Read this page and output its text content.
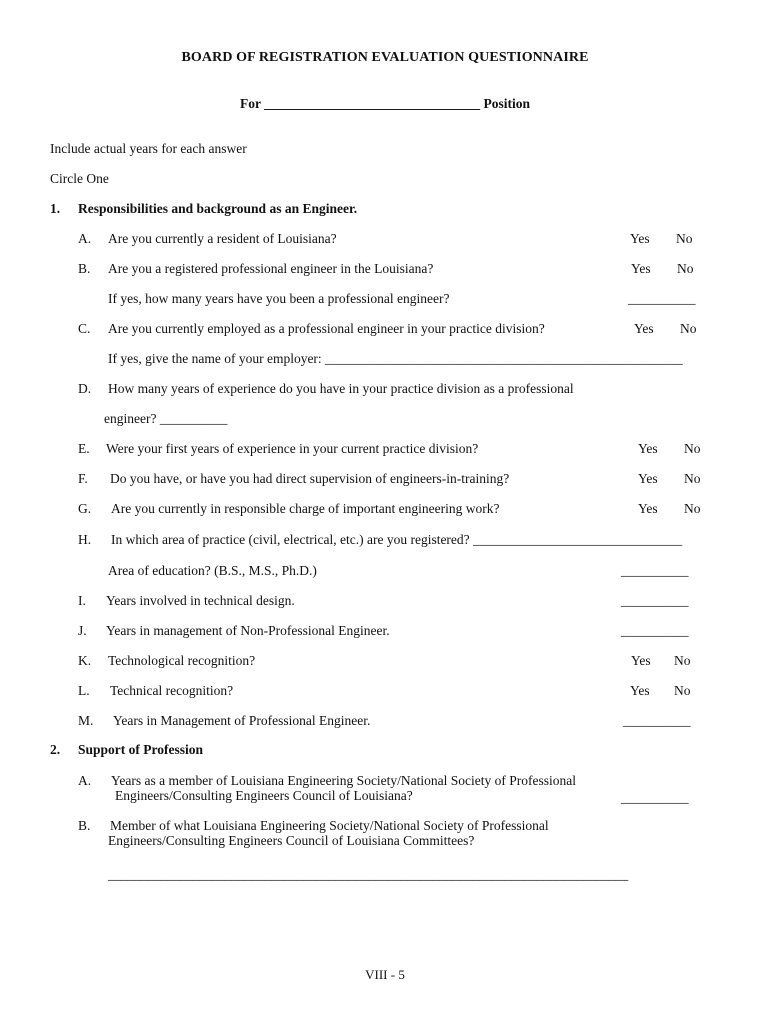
BOARD OF REGISTRATION EVALUATION QUESTIONNAIRE
For ________________________________ Position
Include actual years for each answer
Circle One
1. Responsibilities and background as an Engineer.
A. Are you currently a resident of Louisiana?	Yes No
B. Are you a registered professional engineer in the Louisiana?	Yes No
If yes, how many years have you been a professional engineer?	__________
C. Are you currently employed as a professional engineer in your practice division?	Yes No
If yes, give the name of your employer: _____________________________________________________
D. How many years of experience do you have in your practice division as a professional
engineer? __________
E. Were your first years of experience in your current practice division?	Yes No
F. Do you have, or have you had direct supervision of engineers-in-training?	Yes No
G. Are you currently in responsible charge of important engineering work?	Yes No
H. In which area of practice (civil, electrical, etc.) are you registered? _______________________________
Area of education? (B.S., M.S., Ph.D.)	__________
I. Years involved in technical design.	__________
J. Years in management of Non-Professional Engineer.	__________
K. Technological recognition?	Yes No
L. Technical recognition?	Yes No
M. Years in Management of Professional Engineer.	__________
2. Support of Profession
A. Years as a member of Louisiana Engineering Society/National Society of Professional
Engineers/Consulting Engineers Council of Louisiana?	__________
B. Member of what Louisiana Engineering Society/National Society of Professional
Engineers/Consulting Engineers Council of Louisiana Committees?
________________________________________________________________________________
VIII - 5
